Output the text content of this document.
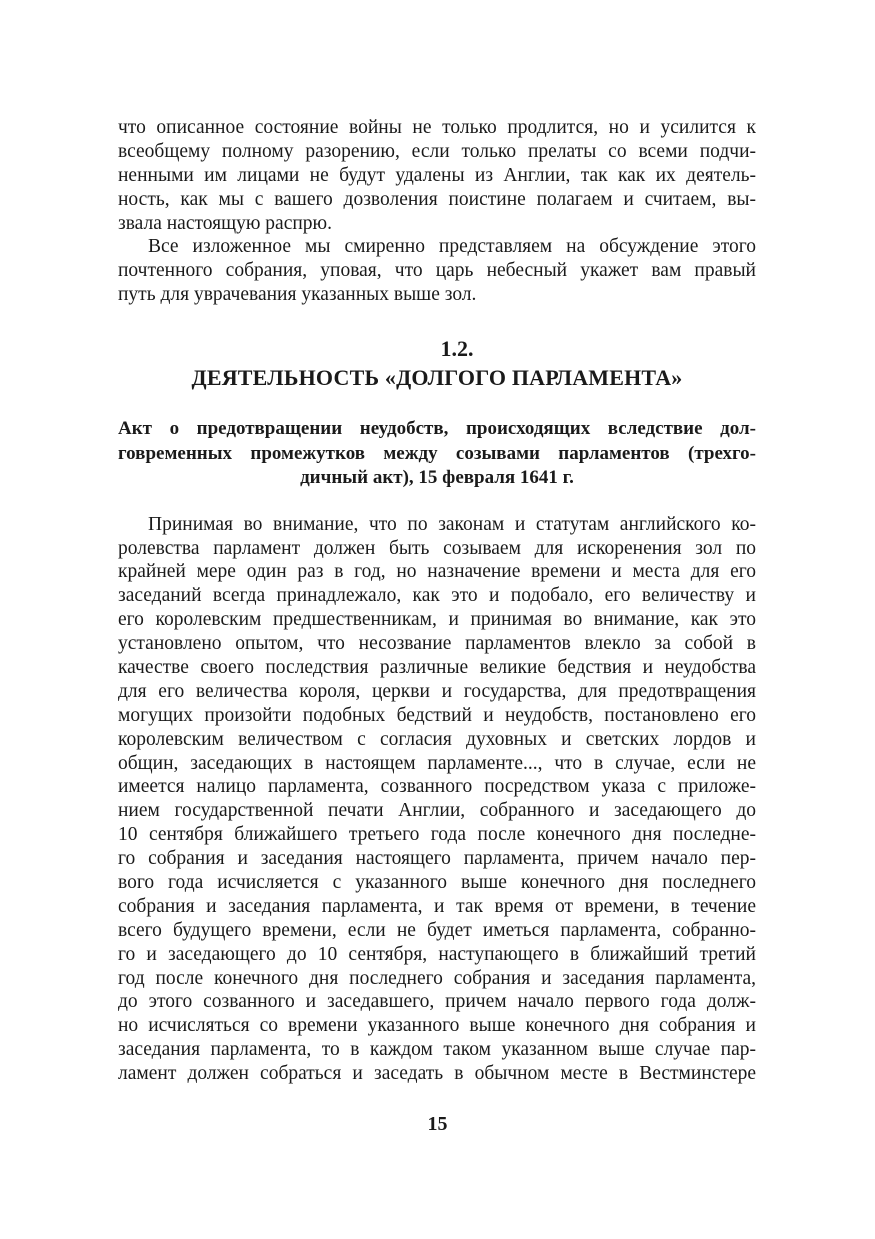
что описанное состояние войны не только продлится, но и усилится к
всеобщему полному разорению, если только прелаты со всеми подчи-
ненными им лицами не будут удалены из Англии, так как их деятель-
ность, как мы с вашего дозволения поистине полагаем и считаем, вы-
звала настоящую распрю.
Все изложенное мы смиренно представляем на обсуждение этого
почтенного собрания, уповая, что царь небесный укажет вам правый
путь для уврачевания указанных выше зол.
1.2.
ДЕЯТЕЛЬНОСТЬ «ДОЛГОГО ПАРЛАМЕНТА»
Акт о предотвращении неудобств, происходящих вследствие дол-
говременных промежутков между созывами парламентов (трехго-
дичный акт), 15 февраля 1641 г.
Принимая во внимание, что по законам и статутам английского ко-
ролевства парламент должен быть созываем для искоренения зол по
крайней мере один раз в год, но назначение времени и места для его
заседаний всегда принадлежало, как это и подобало, его величеству и
его королевским предшественникам, и принимая во внимание, как это
установлено опытом, что несозвание парламентов влекло за собой в
качестве своего последствия различные великие бедствия и неудобства
для его величества короля, церкви и государства, для предотвращения
могущих произойти подобных бедствий и неудобств, постановлено его
королевским величеством с согласия духовных и светских лордов и
общин, заседающих в настоящем парламенте..., что в случае, если не
имеется налицо парламента, созванного посредством указа с приложе-
нием государственной печати Англии, собранного и заседающего до
10 сентября ближайшего третьего года после конечного дня последне-
го собрания и заседания настоящего парламента, причем начало пер-
вого года исчисляется с указанного выше конечного дня последнего
собрания и заседания парламента, и так время от времени, в течение
всего будущего времени, если не будет иметься парламента, собранно-
го и заседающего до 10 сентября, наступающего в ближайший третий
год после конечного дня последнего собрания и заседания парламента,
до этого созванного и заседавшего, причем начало первого года долж-
но исчисляться со времени указанного выше конечного дня собрания и
заседания парламента, то в каждом таком указанном выше случае пар-
ламент должен собраться и заседать в обычном месте в Вестминстере
15
